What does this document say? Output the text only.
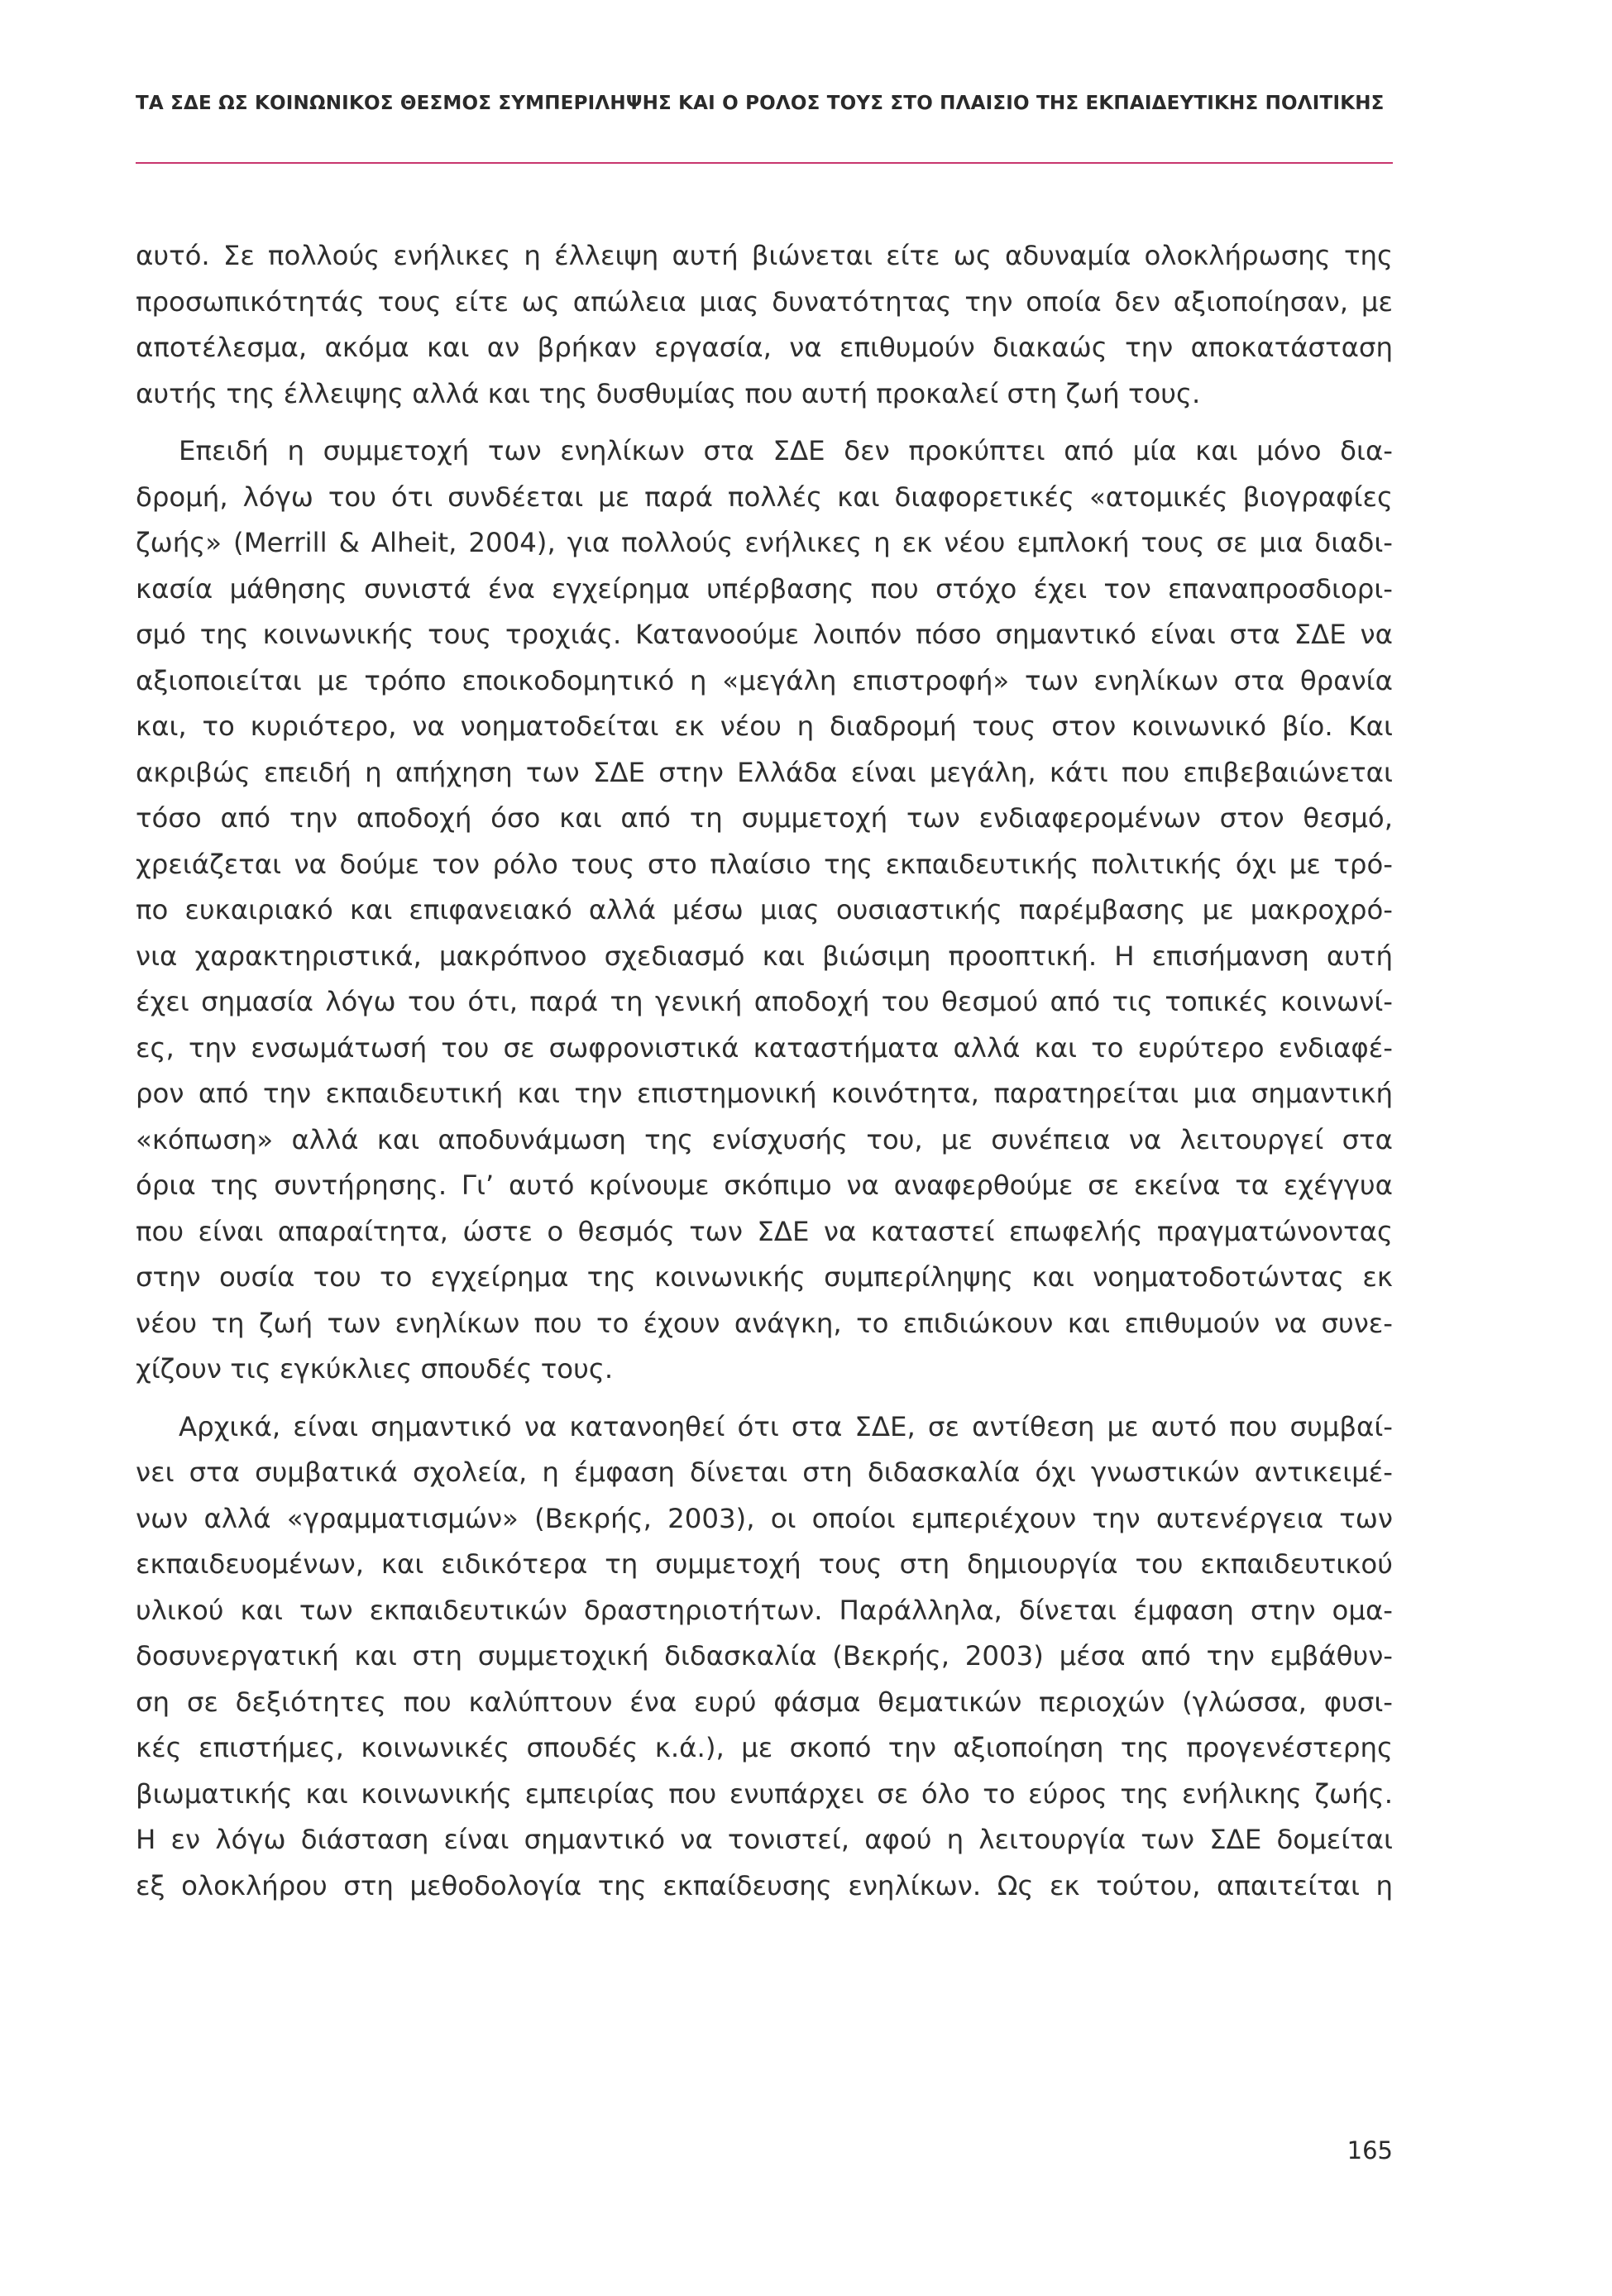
ΤΑ ΣΔΕ ΩΣ ΚΟΙΝΩΝΙΚΟΣ ΘΕΣΜΟΣ ΣΥΜΠΕΡΙΛΗΨΗΣ ΚΑΙ Ο ΡΟΛΟΣ ΤΟΥΣ ΣΤΟ ΠΛΑΙΣΙΟ ΤΗΣ ΕΚΠΑΙΔΕΥΤΙΚΗΣ ΠΟΛΙΤΙΚΗΣ
αυτό. Σε πολλούς ενήλικες η έλλειψη αυτή βιώνεται είτε ως αδυναμία ολοκλήρωσης της
προσωπικότητάς τους είτε ως απώλεια μιας δυνατότητας την οποία δεν αξιοποίησαν, με
αποτέλεσμα, ακόμα και αν βρήκαν εργασία, να επιθυμούν διακαώς την αποκατάσταση
αυτής της έλλειψης αλλά και της δυσθυμίας που αυτή προκαλεί στη ζωή τους.
Επειδή η συμμετοχή των ενηλίκων στα ΣΔΕ δεν προκύπτει από μία και μόνο δια-
δρομή, λόγω του ότι συνδέεται με παρά πολλές και διαφορετικές «ατομικές βιογραφίες
ζωής» (Merrill & Alheit, 2004), για πολλούς ενήλικες η εκ νέου εμπλοκή τους σε μια διαδι-
κασία μάθησης συνιστά ένα εγχείρημα υπέρβασης που στόχο έχει τον επαναπροσδιορι-
σμό της κοινωνικής τους τροχιάς. Κατανοούμε λοιπόν πόσο σημαντικό είναι στα ΣΔΕ να
αξιοποιείται με τρόπο εποικοδομητικό η «μεγάλη επιστροφή» των ενηλίκων στα θρανία
και, το κυριότερο, να νοηματοδείται εκ νέου η διαδρομή τους στον κοινωνικό βίο. Και
ακριβώς επειδή η απήχηση των ΣΔΕ στην Ελλάδα είναι μεγάλη, κάτι που επιβεβαιώνεται
τόσο από την αποδοχή όσο και από τη συμμετοχή των ενδιαφερομένων στον θεσμό,
χρειάζεται να δούμε τον ρόλο τους στο πλαίσιο της εκπαιδευτικής πολιτικής όχι με τρό-
πο ευκαιριακό και επιφανειακό αλλά μέσω μιας ουσιαστικής παρέμβασης με μακροχρό-
νια χαρακτηριστικά, μακρόπνοο σχεδιασμό και βιώσιμη προοπτική. Η επισήμανση αυτή
έχει σημασία λόγω του ότι, παρά τη γενική αποδοχή του θεσμού από τις τοπικές κοινωνί-
ες, την ενσωμάτωσή του σε σωφρονιστικά καταστήματα αλλά και το ευρύτερο ενδιαφέ-
ρον από την εκπαιδευτική και την επιστημονική κοινότητα, παρατηρείται μια σημαντική
«κόπωση» αλλά και αποδυνάμωση της ενίσχυσής του, με συνέπεια να λειτουργεί στα
όρια της συντήρησης. Γι’ αυτό κρίνουμε σκόπιμο να αναφερθούμε σε εκείνα τα εχέγγυα
που είναι απαραίτητα, ώστε ο θεσμός των ΣΔΕ να καταστεί επωφελής πραγματώνοντας
στην ουσία του το εγχείρημα της κοινωνικής συμπερίληψης και νοηματοδοτώντας εκ
νέου τη ζωή των ενηλίκων που το έχουν ανάγκη, το επιδιώκουν και επιθυμούν να συνε-
χίζουν τις εγκύκλιες σπουδές τους.
Αρχικά, είναι σημαντικό να κατανοηθεί ότι στα ΣΔΕ, σε αντίθεση με αυτό που συμβαί-
νει στα συμβατικά σχολεία, η έμφαση δίνεται στη διδασκαλία όχι γνωστικών αντικειμέ-
νων αλλά «γραμματισμών» (Βεκρής, 2003), οι οποίοι εμπεριέχουν την αυτενέργεια των
εκπαιδευομένων, και ειδικότερα τη συμμετοχή τους στη δημιουργία του εκπαιδευτικού
υλικού και των εκπαιδευτικών δραστηριοτήτων. Παράλληλα, δίνεται έμφαση στην ομα-
δοσυνεργατική και στη συμμετοχική διδασκαλία (Βεκρής, 2003) μέσα από την εμβάθυν-
ση σε δεξιότητες που καλύπτουν ένα ευρύ φάσμα θεματικών περιοχών (γλώσσα, φυσι-
κές επιστήμες, κοινωνικές σπουδές κ.ά.), με σκοπό την αξιοποίηση της προγενέστερης
βιωματικής και κοινωνικής εμπειρίας που ενυπάρχει σε όλο το εύρος της ενήλικης ζωής.
Η εν λόγω διάσταση είναι σημαντικό να τονιστεί, αφού η λειτουργία των ΣΔΕ δομείται
εξ ολοκλήρου στη μεθοδολογία της εκπαίδευσης ενηλίκων. Ως εκ τούτου, απαιτείται η
165
